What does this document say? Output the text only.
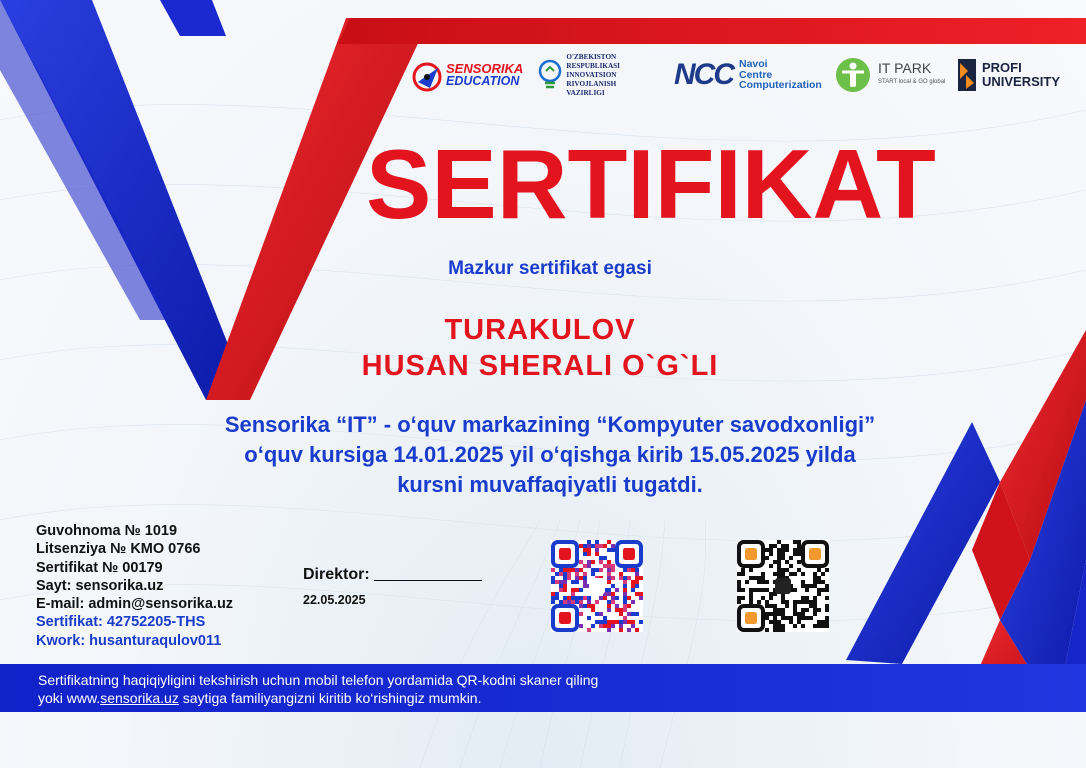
SENSORIKA
EDUCATION
O'ZBEKISTON RESPUBLIKASI
INNOVATSION RIVOJLANISH
VAZIRLIGI
NCC Navoi
Centre
Computerization
IT PARK
START local & GO global
PROFI
UNIVERSITY
SERTIFIKAT
Mazkur sertifikat egasi
TURAKULOV
HUSAN SHERALI O`G`LI
Sensorika “IT” - o‘quv markazining “Kompyuter savodxonligi”
o‘quv kursiga 14.01.2025 yil o‘qishga kirib 15.05.2025 yilda
kursni muvaffaqiyatli tugatdi.
Guvohnoma № 1019
Litsenziya № KMO 0766
Sertifikat № 00179
Sayt: sensorika.uz
E-mail: admin@sensorika.uz
Sertifikat: 42752205-THS
Kwork: husanturaqulov011
Direktor:
22.05.2025
Sertifikatning haqiqiyligini tekshirish uchun mobil telefon yordamida QR-kodni skaner qiling
yoki www.sensorika.uz saytiga familiyangizni kiritib ko‘rishingiz mumkin.
